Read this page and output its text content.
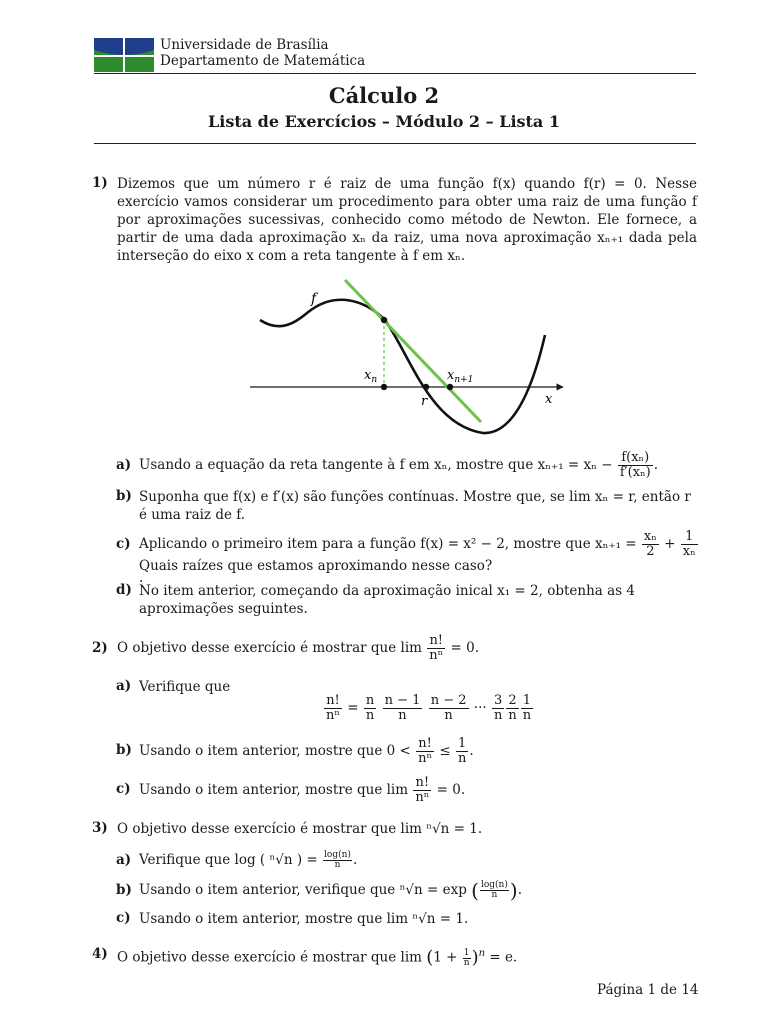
Universidade de Brasília
Departamento de Matemática
Cálculo 2
Lista de Exercícios – Módulo 2 – Lista 1
1) Dizemos que um número r é raiz de uma função f(x) quando f(r) = 0. Nesse exercício vamos considerar um procedimento para obter uma raiz de uma função f por aproximações sucessivas, conhecido como método de Newton. Ele fornece, a partir de uma dada aproximação xₙ da raiz, uma nova aproximação xₙ₊₁ dada pela interseção do eixo x com a reta tangente à f em xₙ.
f
$x_n$	$x_{n+1}$
r	x
a) Usando a equação da reta tangente à f em xₙ, mostre que $x_{n+1} = x_n - \frac{\text{f(xₙ)}}{\text{f′(xₙ)}}$ .
b) Suponha que f(x) e f′(x) são funções contínuas. Mostre que, se lim xₙ = r, então r é uma raiz de f.
c) Aplicando o primeiro item para a função f(x) = x² − 2, mostre que $x_{n+1} = \frac{\text{xₙ}}{2} + \frac{1}{\text{xₙ}}$
.
Quais raízes que estamos aproximando nesse caso?
d) No item anterior, começando da aproximação inical x₁ = 2, obtenha as 4 aproximações seguintes.
2) O objetivo desse exercício é mostrar que $\lim \frac{n!}{\text{nⁿ}} = 0$.
a) Verifique que
$\frac{n!}{\text{nⁿ}} = \frac{n}{n}$
$\frac{n - 1}{n}$
$\frac{n - 2}{n}$ ··· $\frac{3}{n} \frac{2}{n} \frac{1}{n}$
b) Usando o item anterior, mostre que $0 < \frac{n!}{\text{nⁿ}} \le \frac{1}{n}$ .
c) Usando o item anterior, mostre que $\lim \frac{n!}{\text{nⁿ}} = 0$.
3) O objetivo desse exercício é mostrar que lim ⁿ√n = 1.
a) Verifique que log ( ⁿ√n ) = $\frac{\log(n)}{n}$ .
b) Usando o item anterior, verifique que ⁿ√n = exp ( $\frac{\log(n)}{n}$ ).
c) Usando o item anterior, mostre que lim ⁿ√n = 1.
4) O objetivo desse exercício é mostrar que $\lim (1 + \frac{1}{n} )^n = e$.
Página 1 de 14
